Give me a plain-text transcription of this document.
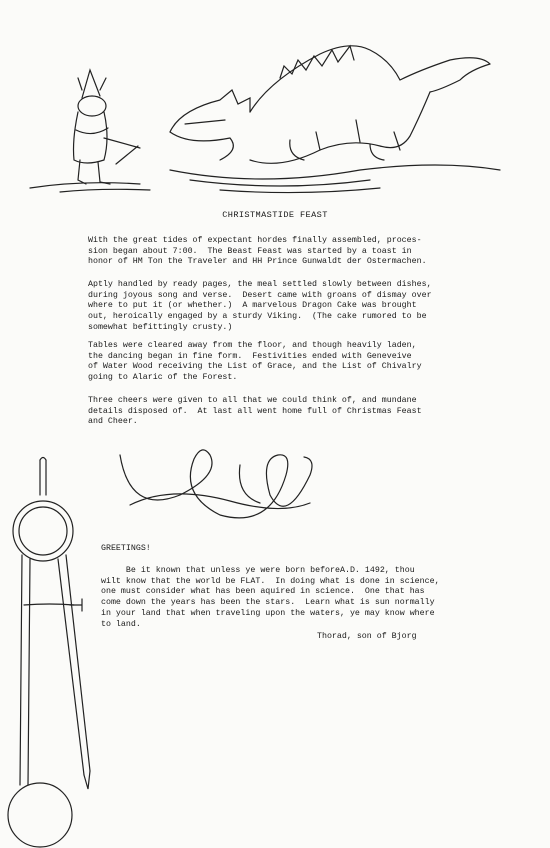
CHRISTMASTIDE FEAST
With the great tides of expectant hordes finally assembled, proces-
sion began about 7:00.  The Beast Feast was started by a toast in
honor of HM Ton the Traveler and HH Prince Gunwaldt der Ostermachen.
Aptly handled by ready pages, the meal settled slowly between dishes,
during joyous song and verse.  Desert came with groans of dismay over
where to put it (or whether.)  A marvelous Dragon Cake was brought
out, heroically engaged by a sturdy Viking.  (The cake rumored to be
somewhat befittingly crusty.)
Tables were cleared away from the floor, and though heavily laden,
the dancing began in fine form.  Festivities ended with Geneveive
of Water Wood receiving the List of Grace, and the List of Chivalry
going to Alaric of the Forest.
Three cheers were given to all that we could think of, and mundane
details disposed of.  At last all went home full of Christmas Feast
and Cheer.
GREETINGS!
Be it known that unless ye were born beforeA.D. 1492, thou
wilt know that the world be FLAT.  In doing what is done in science,
one must consider what has been aquired in science.  One that has
come down the years has been the stars.  Learn what is sun normally
in your land that when traveling upon the waters, ye may know where
to land.
Thorad, son of Bjorg
